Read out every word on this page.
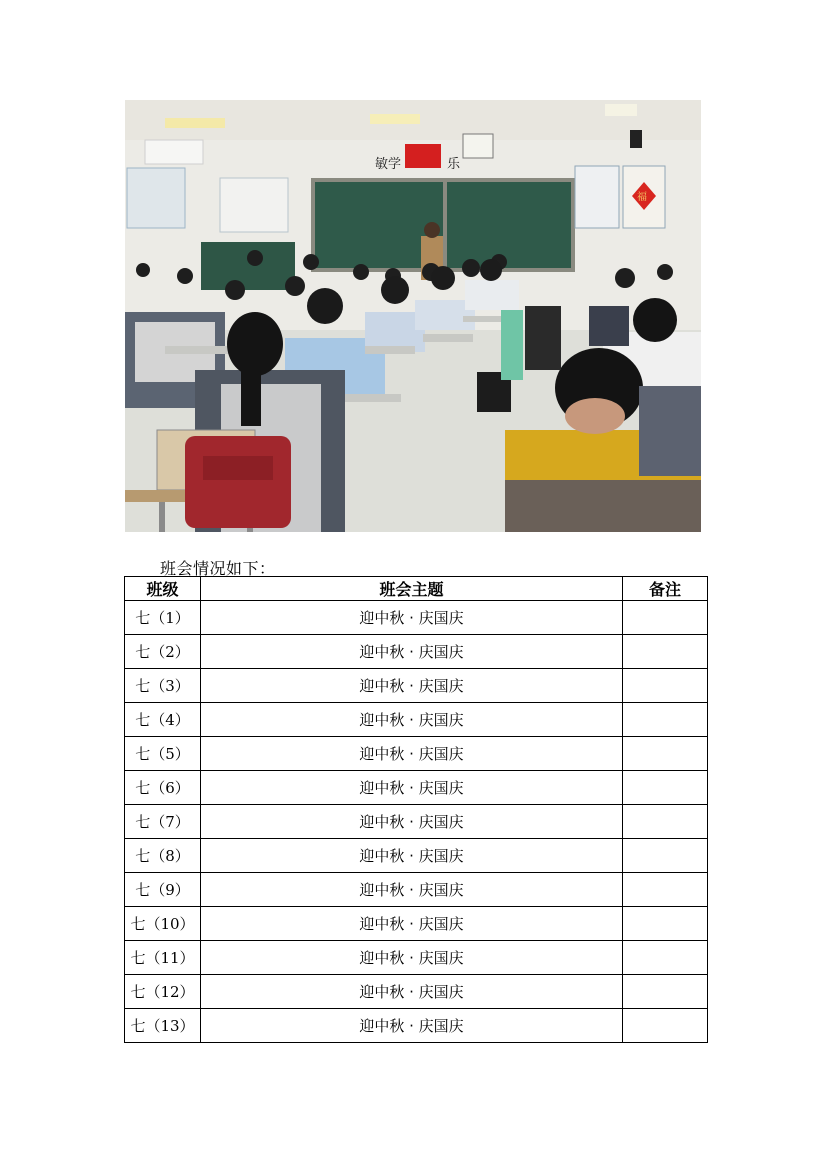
敏学	乐
福
班会情况如下：
班级	班会主题	备注
七（1）	迎中秋 · 庆国庆	
七（2）	迎中秋 · 庆国庆	
七（3）	迎中秋 · 庆国庆	
七（4）	迎中秋 · 庆国庆	
七（5）	迎中秋 · 庆国庆	
七（6）	迎中秋 · 庆国庆	
七（7）	迎中秋 · 庆国庆	
七（8）	迎中秋 · 庆国庆	
七（9）	迎中秋 · 庆国庆	
七（10）	迎中秋 · 庆国庆	
七（11）	迎中秋 · 庆国庆	
七（12）	迎中秋 · 庆国庆	
七（13）	迎中秋 · 庆国庆	
